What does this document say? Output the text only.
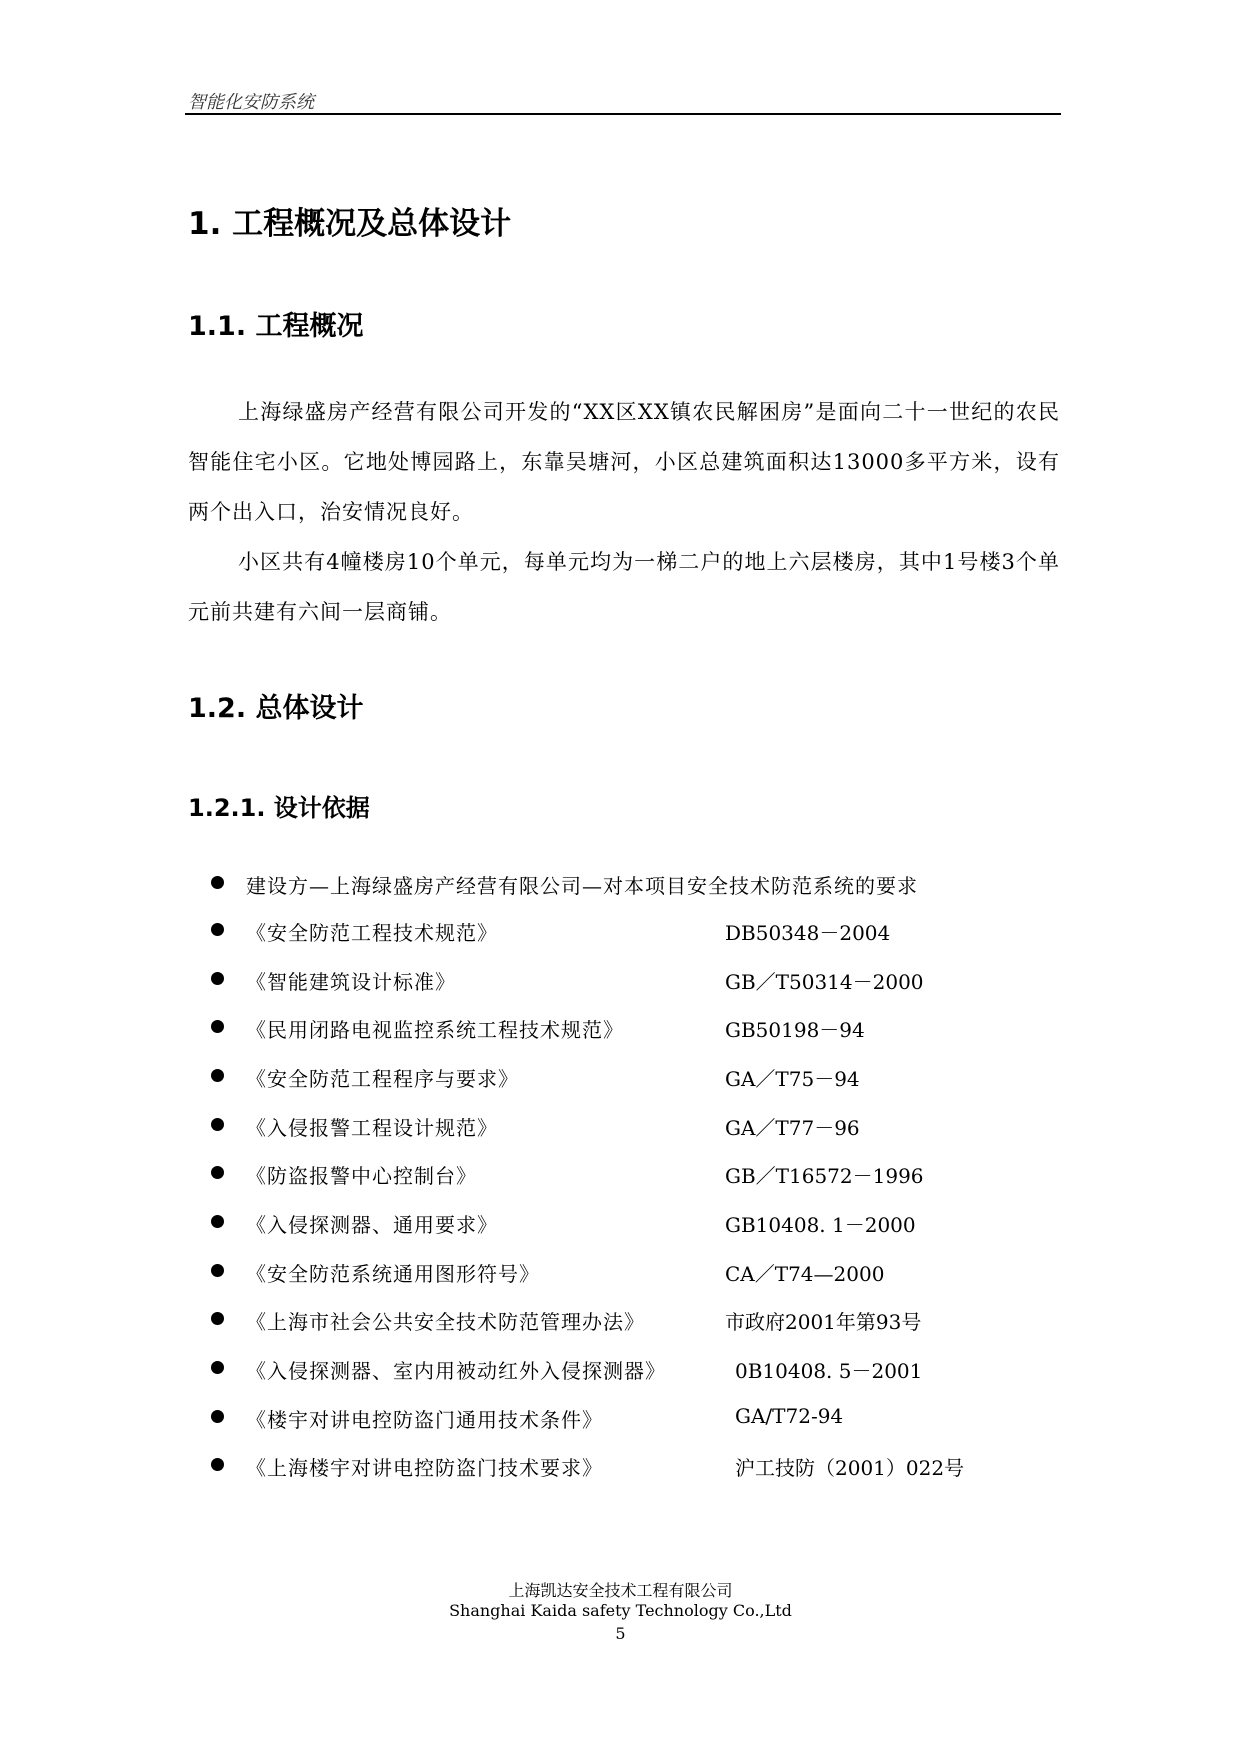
智能化安防系统
1. 工程概况及总体设计
1.1. 工程概况

上海绿盛房产经营有限公司开发的“XX区XX镇农民解困房”是面向二十一世纪的农民智能住宅小区。它地处博园路上，东靠吴塘河，小区总建筑面积达13000多平方米，设有两个出入口，治安情况良好。

小区共有4幢楼房10个单元，每单元均为一梯二户的地上六层楼房，其中1号楼3个单元前共建有六间一层商铺。

1.2. 总体设计
1.2.1. 设计依据
建设方—上海绿盛房产经营有限公司—对本项目安全技术防范系统的要求
《安全防范工程技术规范》	DB50348－2004
《智能建筑设计标准》	GB／T50314－2000
《民用闭路电视监控系统工程技术规范》	GB50198－94
《安全防范工程程序与要求》	GA／T75－94
《入侵报警工程设计规范》	GA／T77－96
《防盗报警中心控制台》	GB／T16572－1996
《入侵探测器、通用要求》	GB10408. 1－2000
《安全防范系统通用图形符号》	CA／T74—2000
《上海市社会公共安全技术防范管理办法》	市政府2001年第93号
《入侵探测器、室内用被动红外入侵探测器》	0B10408. 5－2001
《楼宇对讲电控防盗门通用技术条件》	GA/T72-94
《上海楼宇对讲电控防盗门技术要求》	沪工技防（2001）022号
上海凯达安全技术工程有限公司
Shanghai Kaida safety Technology Co.,Ltd
5
